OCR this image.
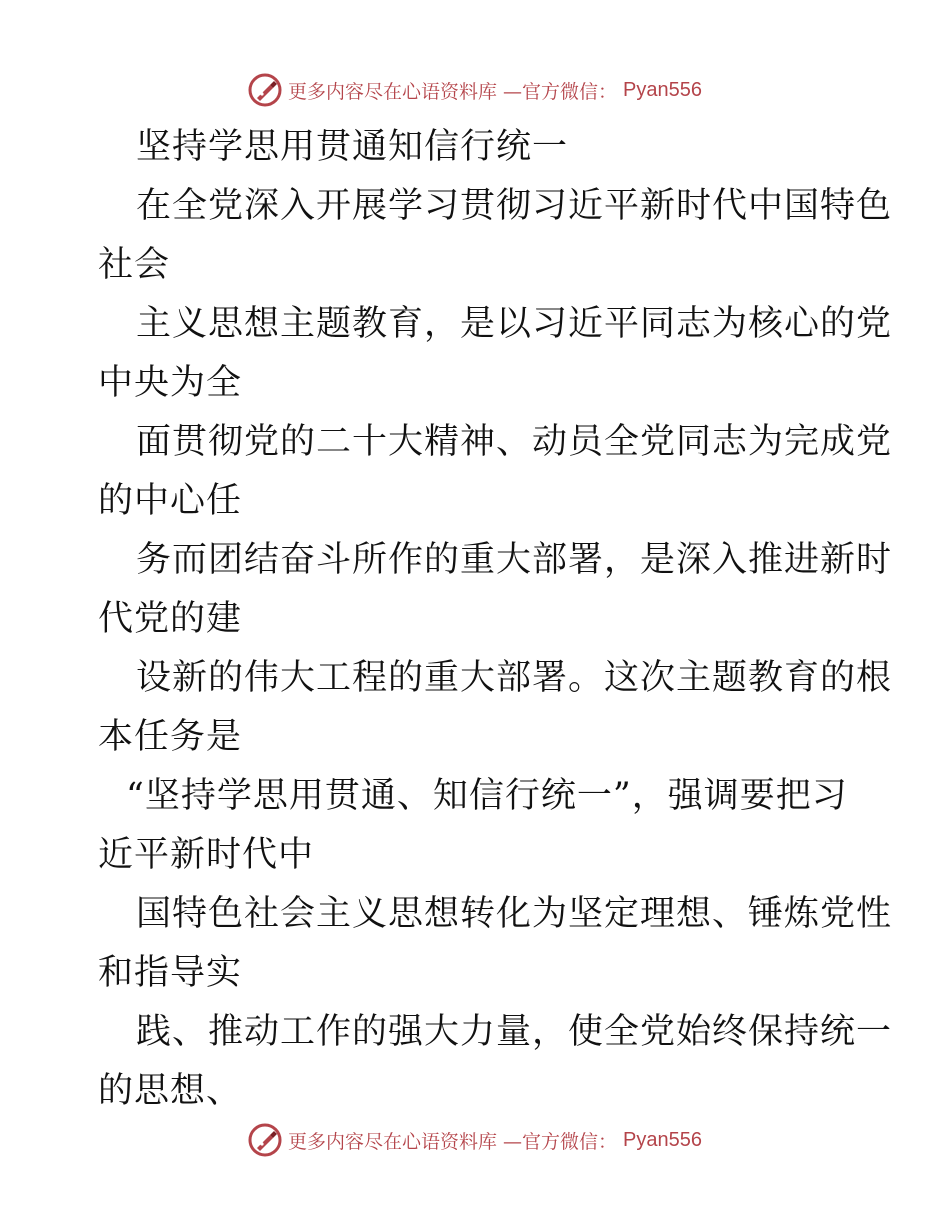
更多内容尽在心语资料库 —官方微信： Pyan556
坚持学思用贯通知信行统一
在全党深入开展学习贯彻习近平新时代中国特色
社会
主义思想主题教育，是以习近平同志为核心的党
中央为全
面贯彻党的二十大精神、动员全党同志为完成党
的中心任
务而团结奋斗所作的重大部署，是深入推进新时
代党的建
设新的伟大工程的重大部署。这次主题教育的根
本任务是
“坚持学思用贯通、知信行统一”，强调要把习
近平新时代中
国特色社会主义思想转化为坚定理想、锤炼党性
和指导实
践、推动工作的强大力量，使全党始终保持统一
的思想、
更多内容尽在心语资料库 —官方微信： Pyan556
